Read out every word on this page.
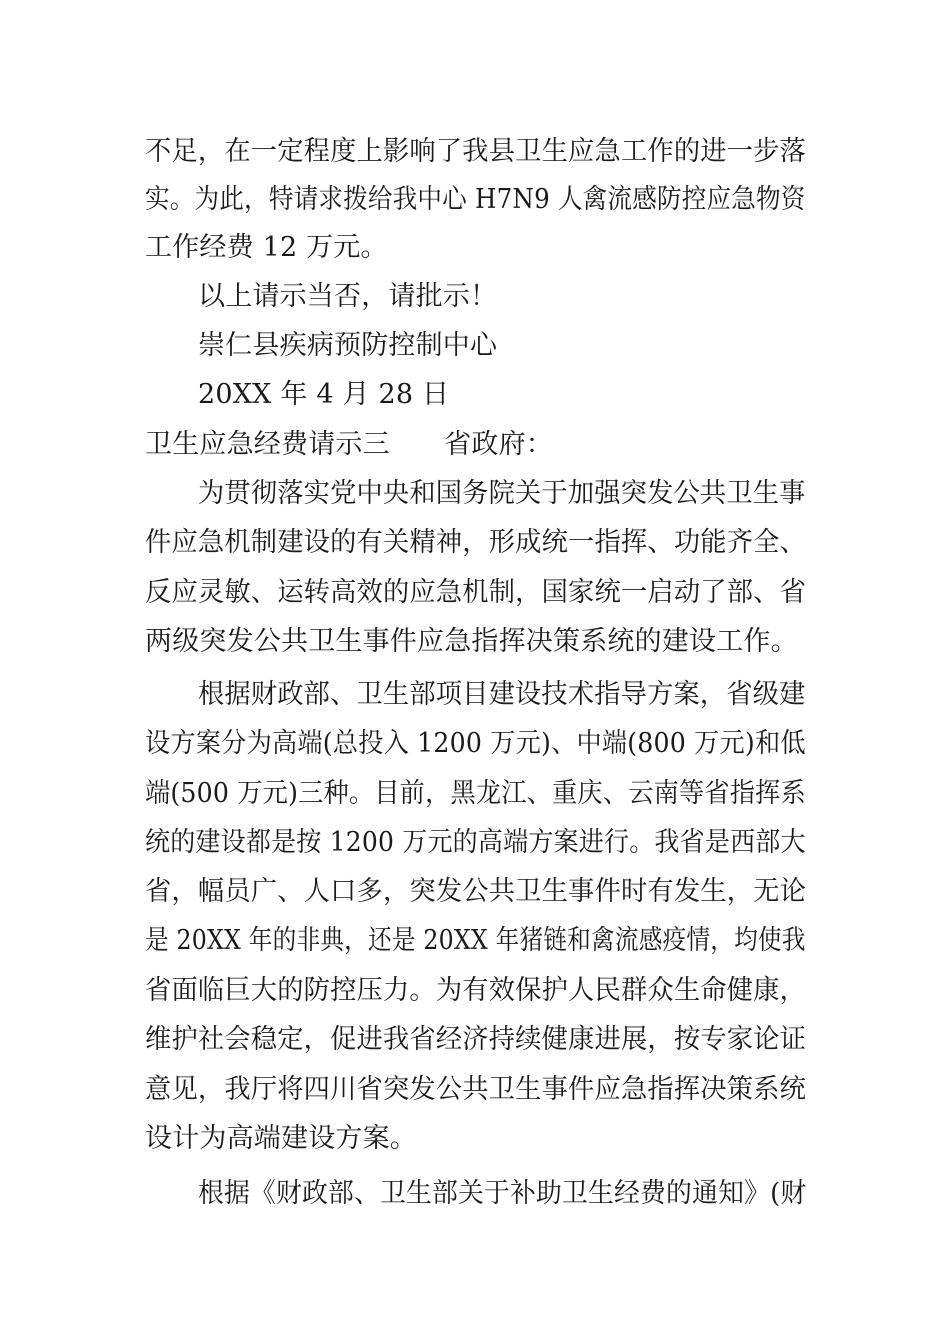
不足，在一定程度上影响了我县卫生应急工作的进一步落
实。为此，特请求拨给我中心 H7N9 人禽流感防控应急物资
工作经费 12 万元。
以上请示当否，请批示！
崇仁县疾病预防控制中心
20XX 年 4 月 28 日
卫生应急经费请示三　　省政府：
为贯彻落实党中央和国务院关于加强突发公共卫生事
件应急机制建设的有关精神，形成统一指挥、功能齐全、
反应灵敏、运转高效的应急机制，国家统一启动了部、省
两级突发公共卫生事件应急指挥决策系统的建设工作。
根据财政部、卫生部项目建设技术指导方案，省级建
设方案分为高端(总投入 1200 万元)、中端(800 万元)和低
端(500 万元)三种。目前，黑龙江、重庆、云南等省指挥系
统的建设都是按 1200 万元的高端方案进行。我省是西部大
省，幅员广、人口多，突发公共卫生事件时有发生，无论
是 20XX 年的非典，还是 20XX 年猪链和禽流感疫情，均使我
省面临巨大的防控压力。为有效保护人民群众生命健康，
维护社会稳定，促进我省经济持续健康进展，按专家论证
意见，我厅将四川省突发公共卫生事件应急指挥决策系统
设计为高端建设方案。
根据《财政部、卫生部关于补助卫生经费的通知》(财
